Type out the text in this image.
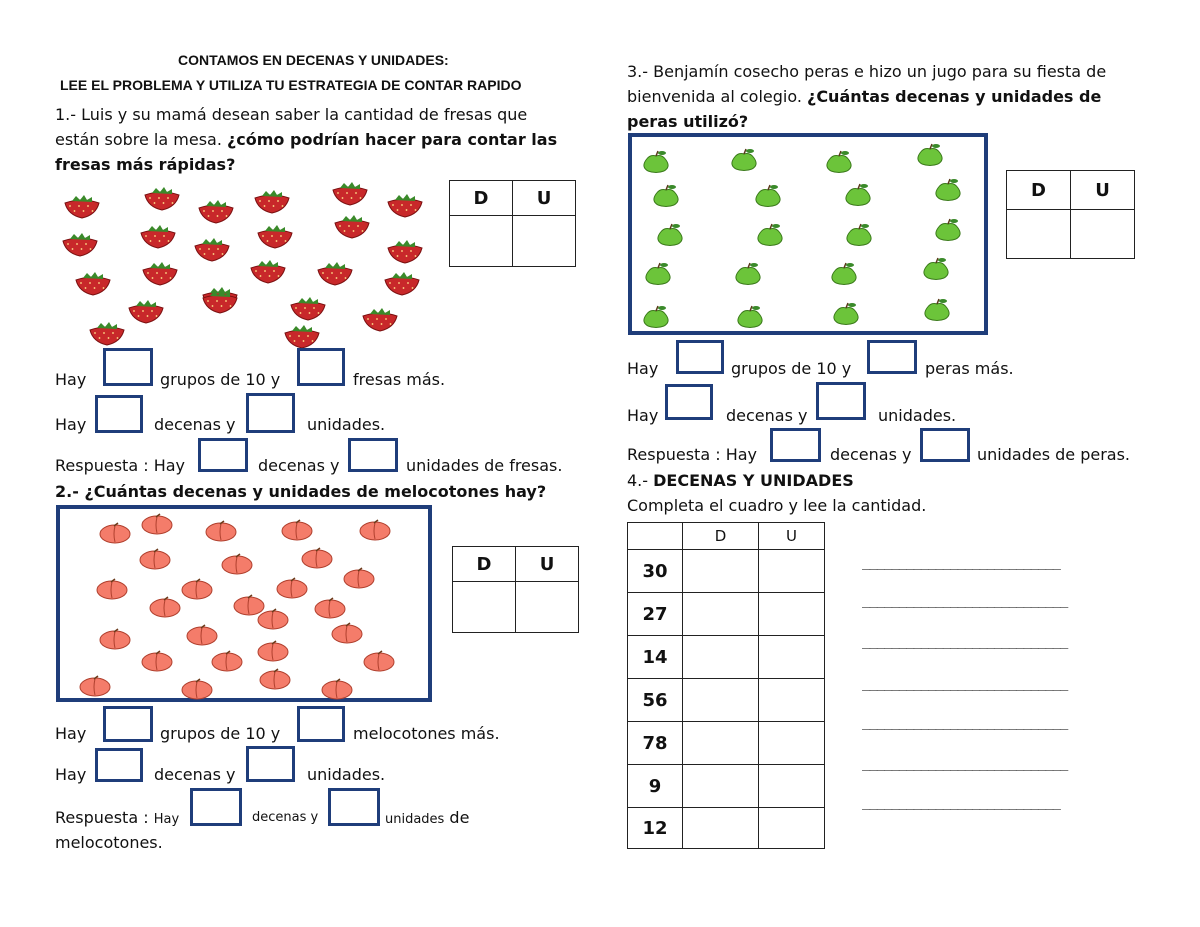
CONTAMOS EN DECENAS Y UNIDADES:
LEE EL PROBLEMA Y UTILIZA TU ESTRATEGIA DE CONTAR RAPIDO
1.- Luis y su mamá desean saber la cantidad de fresas que
están sobre la mesa. ¿cómo podrían hacer para contar las
fresas más rápidas?
D	U

Hay	grupos de 10 y	fresas más.
Hay	decenas y	unidades.
Respuesta : Hay	decenas y	unidades de fresas.
2.- ¿Cuántas decenas y unidades de melocotones hay?
D	U

Hay	grupos de 10 y	melocotones más.
Hay	decenas y	unidades.
Respuesta : Hay	decenas y	unidades de
melocotones.
3.- Benjamín cosecho peras e hizo un jugo para su fiesta de
bienvenida al colegio. ¿Cuántas decenas y unidades de
peras utilizó?
D	U

Hay	grupos de 10 y	peras más.
Hay	decenas y	unidades.
Respuesta : Hay	decenas y	unidades de peras.
4.- DECENAS Y UNIDADES
Completa el cuadro y lee la cantidad.
	D	U
30		
27		
14		
56		
78		
9		
12		
___________________________
____________________________
____________________________
____________________________
____________________________
____________________________
___________________________
